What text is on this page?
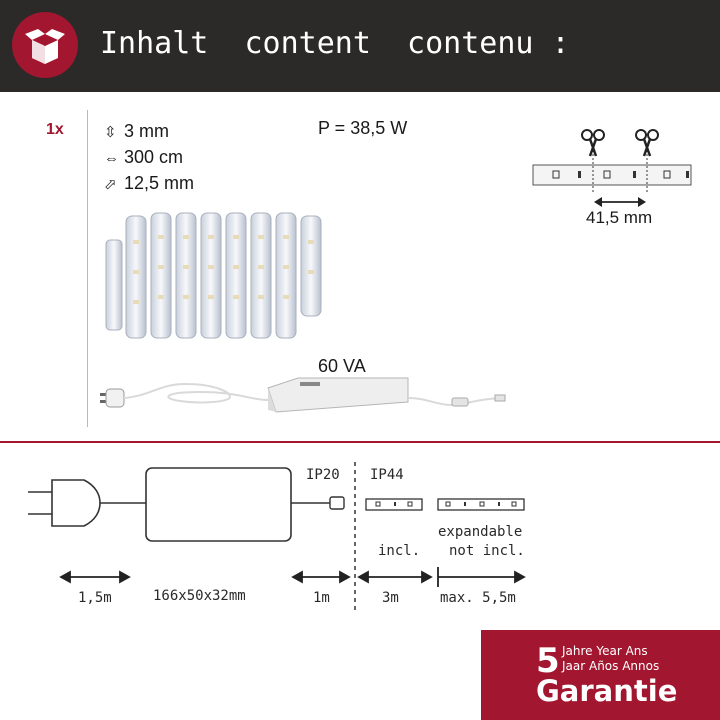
Inhalt  content  contenu :
1x	⇳ 3 mm
⇔ 300 cm
⬀ 12,5 mm
P = 38,5 W
41,5 mm
60 VA
IP20 IP44
incl.
expandable
not incl.
1,5m	166x50x32mm	1m	3m	max. 5,5m
5 Jahre Year Ans
Jaar Años Annos
Garantie
